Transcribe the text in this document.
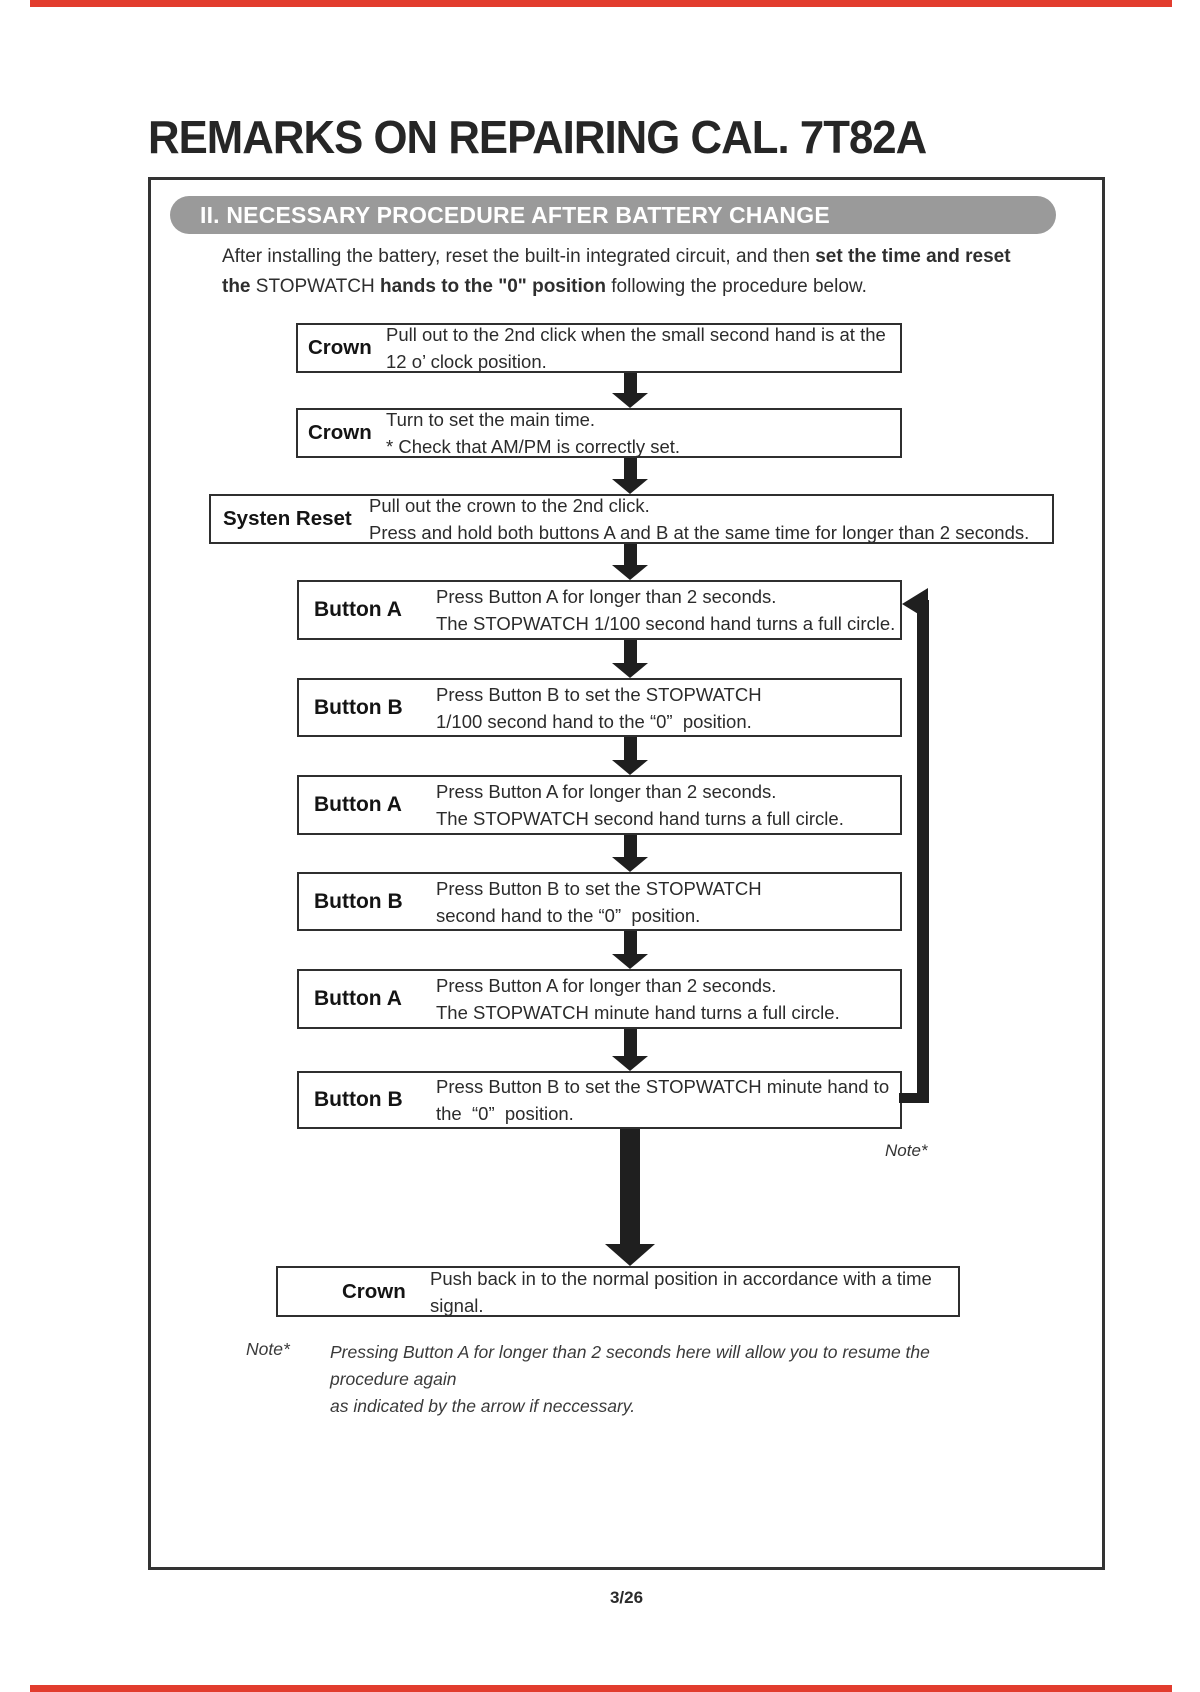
REMARKS ON REPAIRING CAL. 7T82A
II. NECESSARY PROCEDURE AFTER BATTERY CHANGE
After installing the battery, reset the built-in integrated circuit, and then set the time and reset
the STOPWATCH hands to the "0" position following the procedure below.
Crown
Pull out to the 2nd click when the small second hand is at the
12 o’ clock position.
Crown
Turn to set the main time.
* Check that AM/PM is correctly set.
Systen Reset
Pull out the crown to the 2nd click.
Press and hold both buttons A and B at the same time for longer than 2 seconds.
Button A
Press Button A for longer than 2 seconds.
The STOPWATCH 1/100 second hand turns a full circle.
Button B
Press Button B to set the STOPWATCH
1/100 second hand to the “0”  position.
Button A
Press Button A for longer than 2 seconds.
The STOPWATCH second hand turns a full circle.
Button B
Press Button B to set the STOPWATCH
second hand to the “0”  position.
Button A
Press Button A for longer than 2 seconds.
The STOPWATCH minute hand turns a full circle.
Button B
Press Button B to set the STOPWATCH minute hand to
the  “0”  position.
Note*
Crown
Push back in to the normal position in accordance with a time signal.
Note* Pressing Button A for longer than 2 seconds here will allow you to resume the procedure again
as indicated by the arrow if neccessary.
3/26
